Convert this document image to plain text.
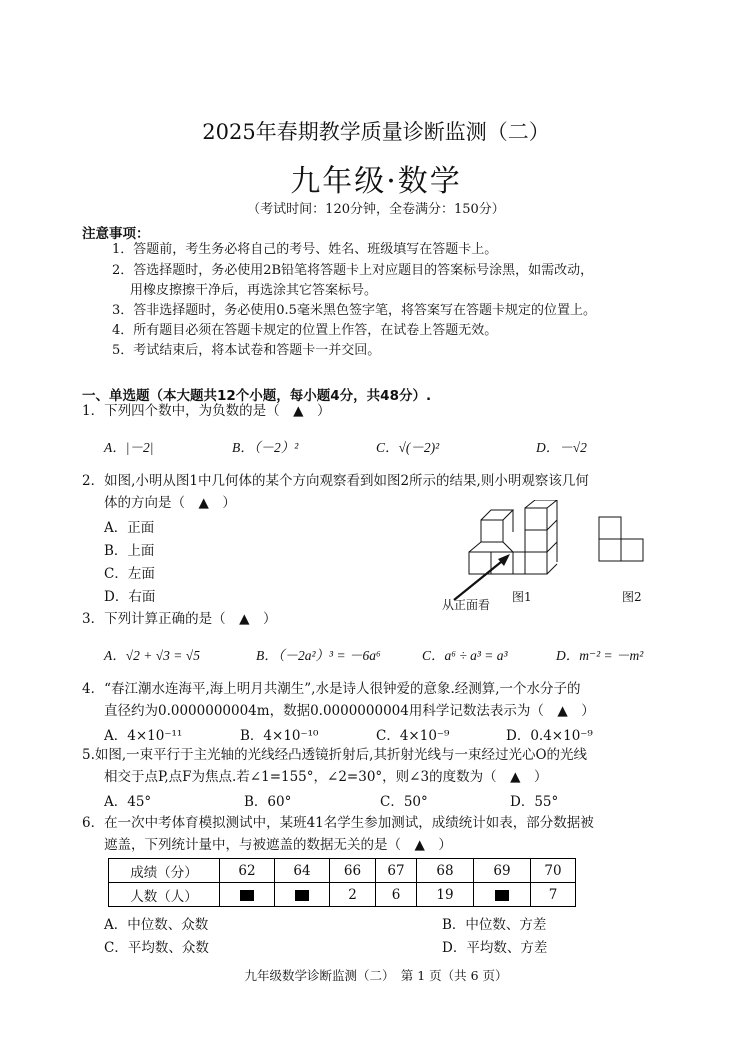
2025年春期教学质量诊断监测（二）
九年级·数学
（考试时间：120分钟，全卷满分：150分）
注意事项：
1．答题前，考生务必将自己的考号、姓名、班级填写在答题卡上。
2．答选择题时，务必使用2B铅笔将答题卡上对应题目的答案标号涂黑，如需改动，
用橡皮擦擦干净后，再选涂其它答案标号。
3．答非选择题时，务必使用0.5毫米黑色签字笔，将答案写在答题卡规定的位置上。
4．所有题目必须在答题卡规定的位置上作答，在试卷上答题无效。
5．考试结束后，将本试卷和答题卡一并交回。
一、单选题（本大题共12个小题，每小题4分，共48分）.
1．下列四个数中，为负数的是（　▲　）
A．|－2|	B．（－2）²	C．√(－2)²	D．－√2
2．如图,小明从图1中几何体的某个方向观察看到如图2所示的结果,则小明观察该几何
体的方向是（　▲　）
A．正面
B．上面
C．左面
D．右面	从正面看
图1	图2
3．下列计算正确的是（　▲　）
A．√2 + √3 = √5	B．（－2a²）³ = －6a⁶	C．a⁶ ÷ a³ = a³	D．m⁻² = －m²
4．“春江潮水连海平,海上明月共潮生”,水是诗人很钟爱的意象.经测算,一个水分子的
直径约为0.0000000004m，数据0.0000000004用科学记数法表示为（　▲　）
A．4×10⁻¹¹	B．4×10⁻¹⁰	C．4×10⁻⁹	D．0.4×10⁻⁹
5.如图,一束平行于主光轴的光线经凸透镜折射后,其折射光线与一束经过光心O的光线
相交于点P,点F为焦点.若∠1=155°，∠2=30°，则∠3的度数为（　▲　）
A．45°	B．60°	C．50°	D．55°
6．在一次中考体育模拟测试中，某班41名学生参加测试，成绩统计如表，部分数据被
遮盖，下列统计量中，与被遮盖的数据无关的是（　▲　）
成绩（分）	62	64	66	67	68	69	70
人数（人）			2	6	19		7
A．中位数、众数	B．中位数、方差
C．平均数、众数	D．平均数、方差
九年级数学诊断监测（二）　第 1 页（共 6 页）
